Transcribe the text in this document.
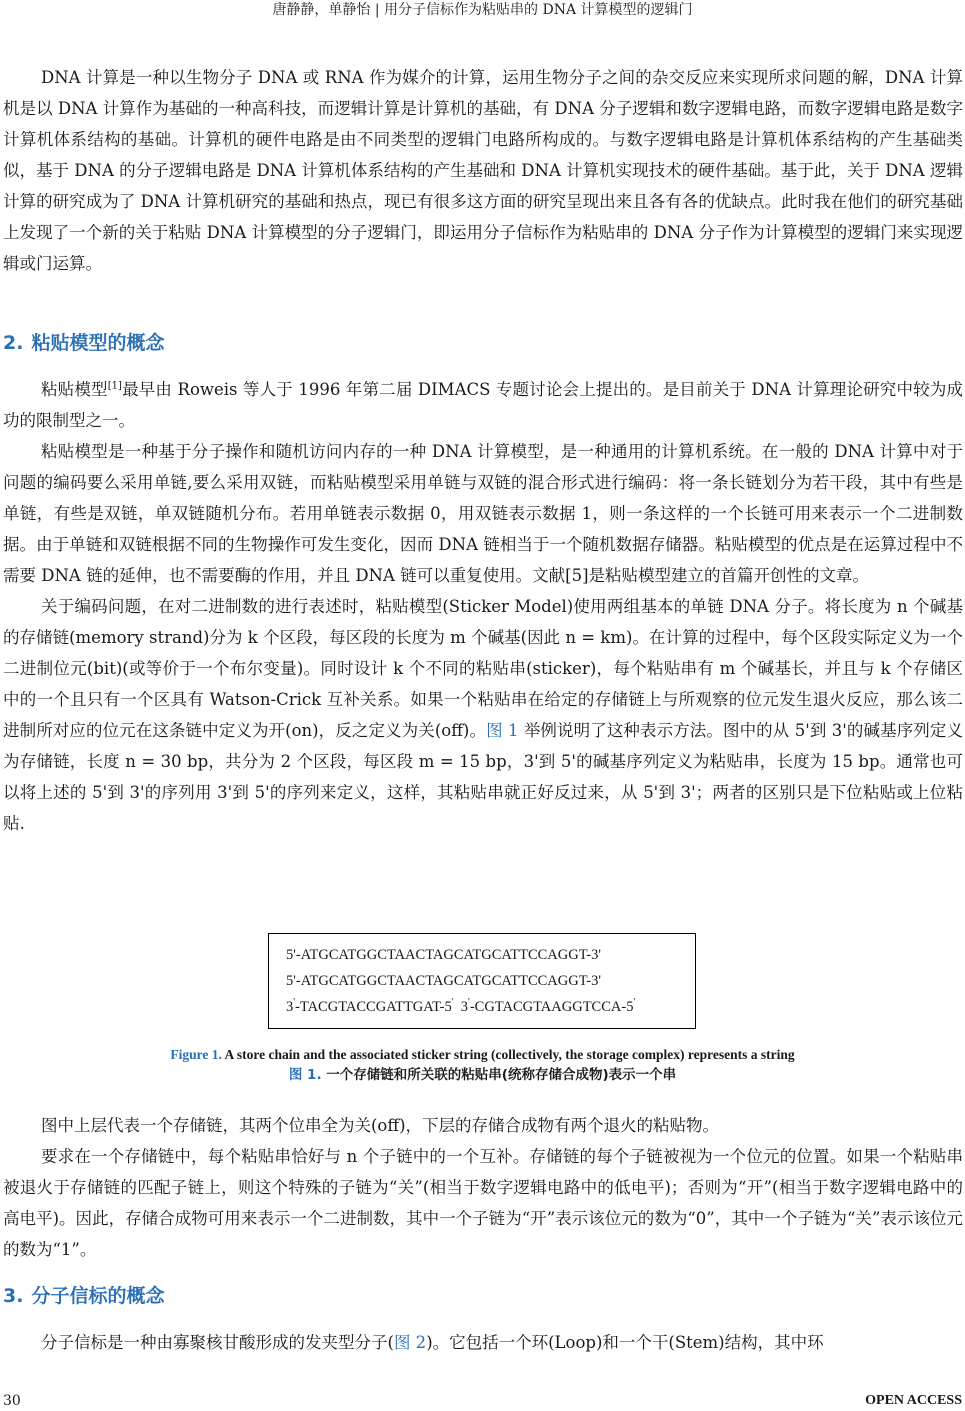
唐静静，单静怡 | 用分子信标作为粘贴串的 DNA 计算模型的逻辑门

DNA 计算是一种以生物分子 DNA 或 RNA 作为媒介的计算，运用生物分子之间的杂交反应来实现所求问题的解，DNA 计算机是以 DNA 计算作为基础的一种高科技，而逻辑计算是计算机的基础，有 DNA 分子逻辑和数字逻辑电路，而数字逻辑电路是数字计算机体系结构的基础。计算机的硬件电路是由不同类型的逻辑门电路所构成的。与数字逻辑电路是计算机体系结构的产生基础类似，基于 DNA 的分子逻辑电路是 DNA 计算机体系结构的产生基础和 DNA 计算机实现技术的硬件基础。基于此，关于 DNA 逻辑计算的研究成为了 DNA 计算机研究的基础和热点，现已有很多这方面的研究呈现出来且各有各的优缺点。此时我在他们的研究基础上发现了一个新的关于粘贴 DNA 计算模型的分子逻辑门，即运用分子信标作为粘贴串的 DNA 分子作为计算模型的逻辑门来实现逻辑或门运算。

2. 粘贴模型的概念

粘贴模型[1]最早由 Roweis 等人于 1996 年第二届 DIMACS 专题讨论会上提出的。是目前关于 DNA 计算理论研究中较为成功的限制型之一。

粘贴模型是一种基于分子操作和随机访问内存的一种 DNA 计算模型，是一种通用的计算机系统。在一般的 DNA 计算中对于问题的编码要么采用单链,要么采用双链，而粘贴模型采用单链与双链的混合形式进行编码：将一条长链划分为若干段，其中有些是单链，有些是双链，单双链随机分布。若用单链表示数据 0，用双链表示数据 1，则一条这样的一个长链可用来表示一个二进制数据。由于单链和双链根据不同的生物操作可发生变化，因而 DNA 链相当于一个随机数据存储器。粘贴模型的优点是在运算过程中不需要 DNA 链的延伸，也不需要酶的作用，并且 DNA 链可以重复使用。文献[5]是粘贴模型建立的首篇开创性的文章。

关于编码问题，在对二进制数的进行表述时，粘贴模型(Sticker Model)使用两组基本的单链 DNA 分子。将长度为 n 个碱基的存储链(memory strand)分为 k 个区段，每区段的长度为 m 个碱基(因此 n = km)。在计算的过程中，每个区段实际定义为一个二进制位元(bit)(或等价于一个布尔变量)。同时设计 k 个不同的粘贴串(sticker)，每个粘贴串有 m 个碱基长，并且与 k 个存储区中的一个且只有一个区具有 Watson-Crick 互补关系。如果一个粘贴串在给定的存储链上与所观察的位元发生退火反应，那么该二进制所对应的位元在这条链中定义为开(on)，反之定义为关(off)。图 1 举例说明了这种表示方法。图中的从 5'到 3'的碱基序列定义为存储链，长度 n = 30 bp，共分为 2 个区段，每区段 m = 15 bp，3'到 5'的碱基序列定义为粘贴串，长度为 15 bp。通常也可以将上述的 5'到 3'的序列用 3'到 5'的序列来定义，这样，其粘贴串就正好反过来，从 5'到 3'；两者的区别只是下位粘贴或上位粘贴.

5'-ATGCATGGCTAACTAGCATGCATTCCAGGT-3'
5'-ATGCATGGCTAACTAGCATGCATTCCAGGT-3'
3'-TACGTACCGATTGAT-5' 3'-CGTACGTAAGGTCCA-5'
Figure 1. A store chain and the associated sticker string (collectively, the storage complex) represents a string
图 1. 一个存储链和所关联的粘贴串(统称存储合成物)表示一个串

图中上层代表一个存储链，其两个位串全为关(off)，下层的存储合成物有两个退火的粘贴物。

要求在一个存储链中，每个粘贴串恰好与 n 个子链中的一个互补。存储链的每个子链被视为一个位元的位置。如果一个粘贴串被退火于存储链的匹配子链上，则这个特殊的子链为“关”(相当于数字逻辑电路中的低电平)；否则为“开”(相当于数字逻辑电路中的高电平)。因此，存储合成物可用来表示一个二进制数，其中一个子链为“开”表示该位元的数为“0”，其中一个子链为“关”表示该位元的数为“1”。

3. 分子信标的概念

分子信标是一种由寡聚核甘酸形成的发夹型分子(图 2)。它包括一个环(Loop)和一个干(Stem)结构，其中环

30	OPEN ACCESS
